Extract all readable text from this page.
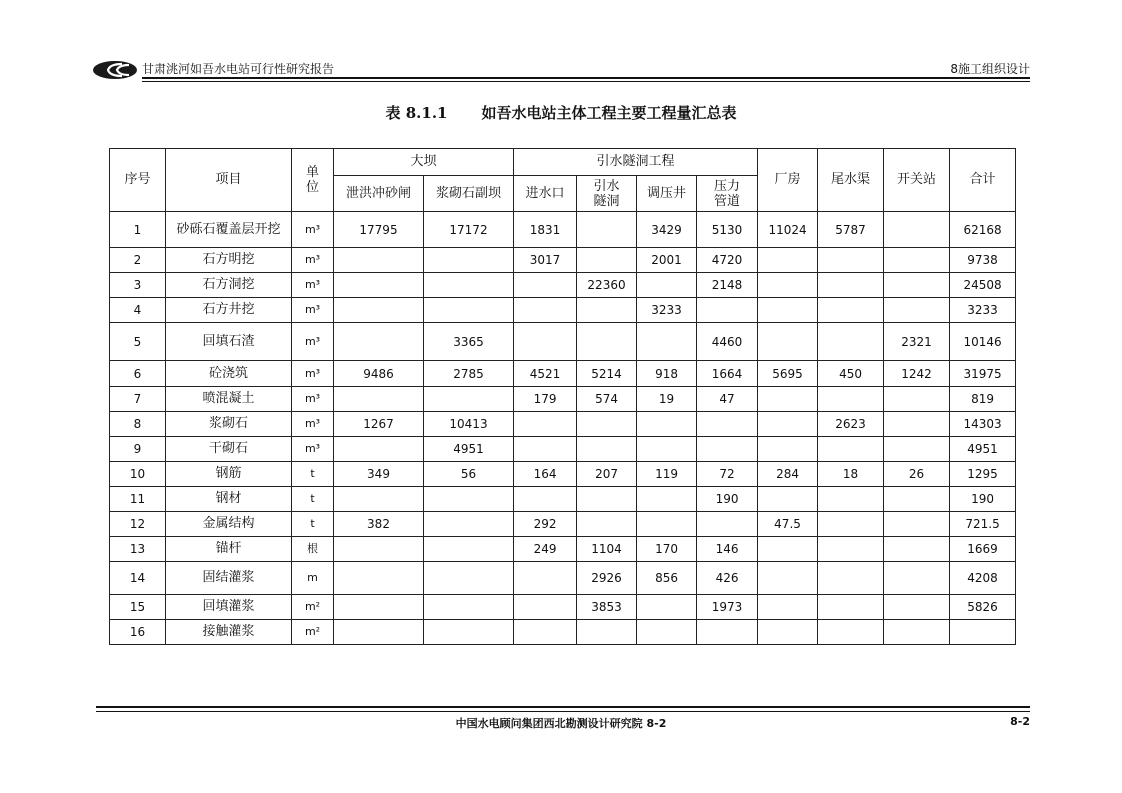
甘肃洮河如吾水电站可行性研究报告	8施工组织设计
表 8.1.1 如吾水电站主体工程主要工程量汇总表
序号	项目	单位	大坝		引水隧洞工程				厂房	尾水渠	开关站	合计
			泄洪冲砂闸	浆砌石副坝	进水口	引水隧洞	调压井	压力管道				
1	砂砾石覆盖层开挖	m³	17795	17172	1831		3429	5130	11024	5787		62168
2	石方明挖	m³			3017		2001	4720				9738
3	石方洞挖	m³				22360		2148				24508
4	石方井挖	m³					3233					3233
5	回填石渣	m³		3365				4460			2321	10146
6	砼浇筑	m³	9486	2785	4521	5214	918	1664	5695	450	1242	31975
7	喷混凝土	m³			179	574	19	47				819
8	浆砌石	m³	1267	10413						2623		14303
9	干砌石	m³		4951								4951
10	钢筋	t	349	56	164	207	119	72	284	18	26	1295
11	钢材	t						190				190
12	金属结构	t	382		292				47.5			721.5
13	锚杆	根			249	1104	170	146				1669
14	固结灌浆	m				2926	856	426				4208
15	回填灌浆	m²				3853		1973				5826
16	接触灌浆	m²										
中国水电顾问集团西北勘测设计研究院 8-2	8-2
